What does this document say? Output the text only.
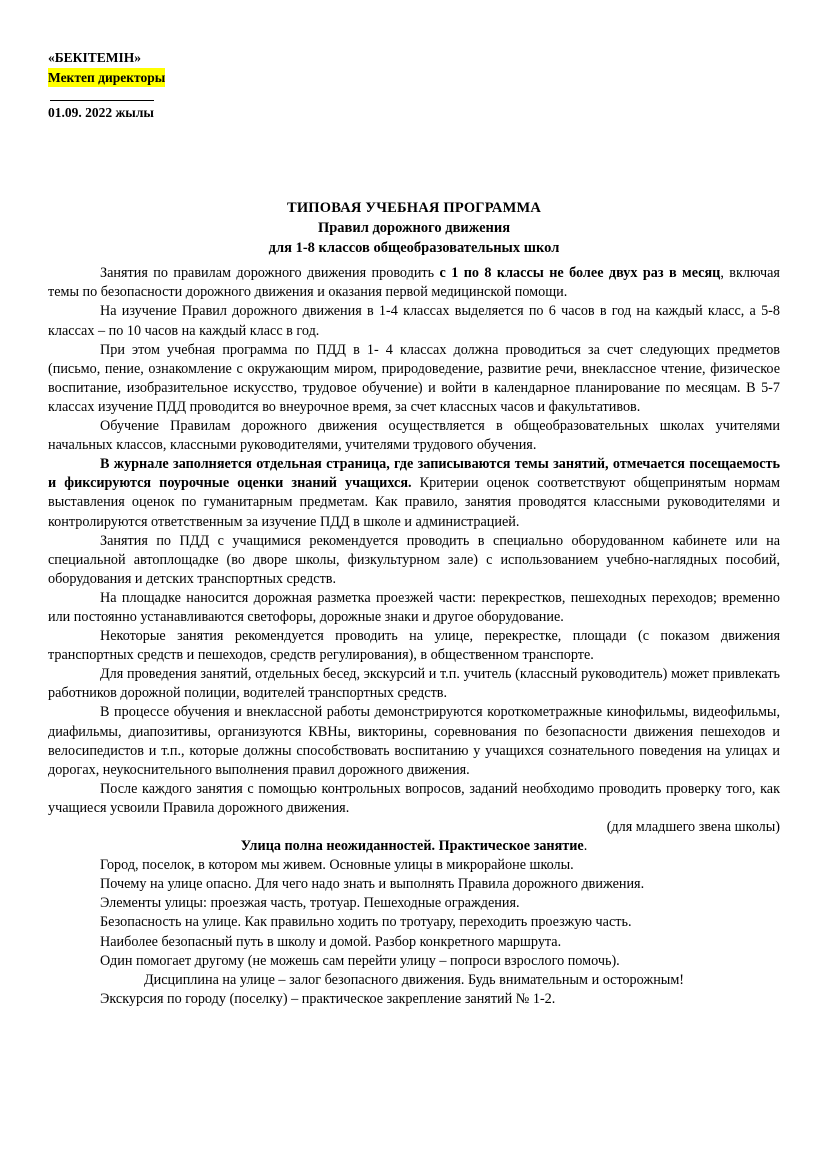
«БЕКІТЕМІН»
Мектеп директоры
01.09. 2022 жылы
ТИПОВАЯ УЧЕБНАЯ ПРОГРАММА
Правил дорожного движения
для 1-8 классов общеобразовательных школ

Занятия по правилам дорожного движения проводить с 1 по 8 классы не более двух раз в месяц, включая темы по безопасности дорожного движения и оказания первой медицинской помощи.

На изучение Правил дорожного движения в 1-4 классах выделяется по 6 часов в год на каждый класс, а 5-8 классах – по 10 часов на каждый класс в год.

При этом учебная программа по ПДД в 1- 4 классах должна проводиться за счет следующих предметов (письмо, пение, ознакомление с окружающим миром, природоведение, развитие речи, внеклассное чтение, физическое воспитание, изобразительное искусство, трудовое обучение) и войти в календарное планирование по месяцам. В 5-7 классах изучение ПДД проводится во внеурочное время, за счет классных часов и факультативов.

Обучение Правилам дорожного движения осуществляется в общеобразовательных школах учителями начальных классов, классными руководителями, учителями трудового обучения.

В журнале заполняется отдельная страница, где записываются темы занятий, отмечается посещаемость и фиксируются поурочные оценки знаний учащихся. Критерии оценок соответствуют общепринятым нормам выставления оценок по гуманитарным предметам. Как правило, занятия проводятся классными руководителями и контролируются ответственным за изучение ПДД в школе и администрацией.

Занятия по ПДД с учащимися рекомендуется проводить в специально оборудованном кабинете или на специальной автоплощадке (во дворе школы, физкультурном зале) с использованием учебно-наглядных пособий, оборудования и детских транспортных средств.

На площадке наносится дорожная разметка проезжей части: перекрестков, пешеходных переходов; временно или постоянно устанавливаются светофоры, дорожные знаки и другое оборудование.

Некоторые занятия рекомендуется проводить на улице, перекрестке, площади (с показом движения транспортных средств и пешеходов, средств регулирования), в общественном транспорте.

Для проведения занятий, отдельных бесед, экскурсий и т.п. учитель (классный руководитель) может привлекать работников дорожной полиции, водителей транспортных средств.

В процессе обучения и внеклассной работы демонстрируются короткометражные кинофильмы, видеофильмы, диафильмы, диапозитивы, организуются КВНы, викторины, соревнования по безопасности движения пешеходов и велосипедистов и т.п., которые должны способствовать воспитанию у учащихся сознательного поведения на улицах и дорогах, неукоснительного выполнения правил дорожного движения.

После каждого занятия с помощью контрольных вопросов, заданий необходимо проводить проверку того, как учащиеся усвоили Правила дорожного движения.

(для младшего звена школы)

Улица полна неожиданностей. Практическое занятие.

Город, поселок, в котором мы живем. Основные улицы в микрорайоне школы.

Почему на улице опасно. Для чего надо знать и выполнять Правила дорожного движения.

Элементы улицы: проезжая часть, тротуар. Пешеходные ограждения.

Безопасность на улице. Как правильно ходить по тротуару, переходить проезжую часть.

Наиболее безопасный путь в школу и домой. Разбор конкретного маршрута.

Один помогает другому (не можешь сам перейти улицу – попроси взрослого помочь).

Дисциплина на улице – залог безопасного движения. Будь внимательным и осторожным!

Экскурсия по городу (поселку) – практическое закрепление занятий № 1-2.
